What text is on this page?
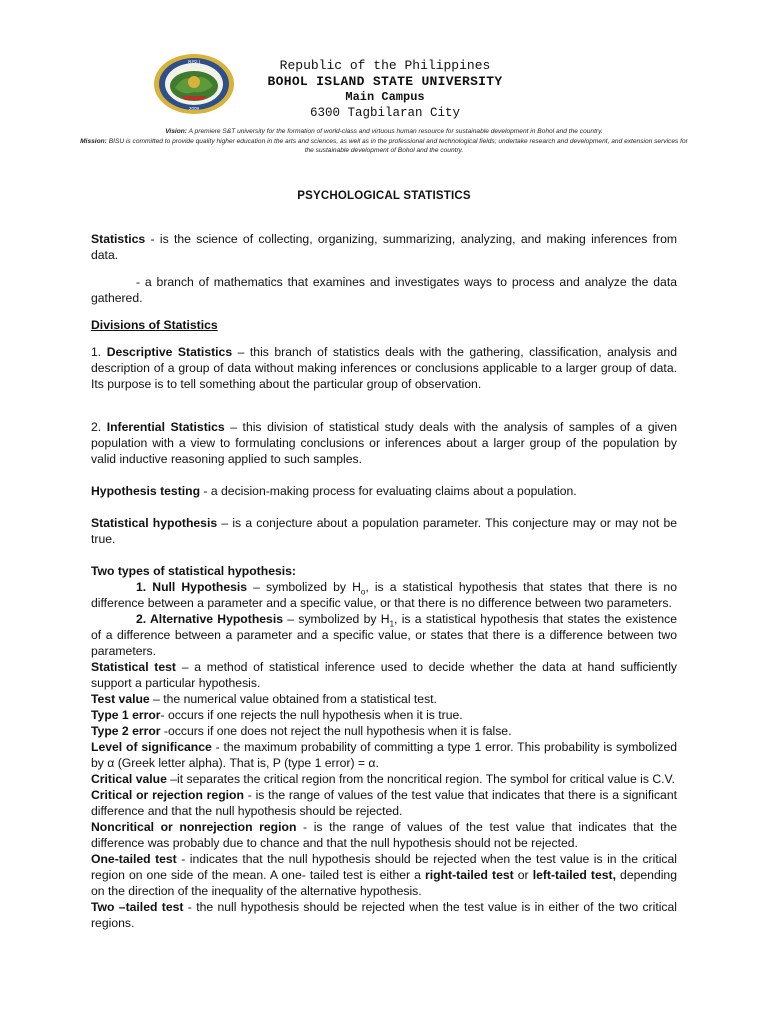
BISU
2009
Republic of the Philippines
BOHOL ISLAND STATE UNIVERSITY
Main Campus
6300 Tagbilaran City
Vision: A premiere S&T university for the formation of world-class and virtuous human resource for sustainable development in Bohol and the country.
Mission: BISU is committed to provide quality higher education in the arts and sciences, as well as in the professional and technological fields; undertake research and development, and extension services for the sustainable development of Bohol and the country.
PSYCHOLOGICAL STATISTICS
Statistics - is the science of collecting, organizing, summarizing, analyzing, and making inferences from data.
- a branch of mathematics that examines and investigates ways to process and analyze the data gathered.
Divisions of Statistics
1. Descriptive Statistics – this branch of statistics deals with the gathering, classification, analysis and description of a group of data without making inferences or conclusions applicable to a larger group of data. Its purpose is to tell something about the particular group of observation.
2. Inferential Statistics – this division of statistical study deals with the analysis of samples of a given population with a view to formulating conclusions or inferences about a larger group of the population by valid inductive reasoning applied to such samples.
Hypothesis testing - a decision-making process for evaluating claims about a population.
Statistical hypothesis – is a conjecture about a population parameter. This conjecture may or may not be true.
Two types of statistical hypothesis:
1. Null Hypothesis – symbolized by $H_o$, is a statistical hypothesis that states that there is no difference between a parameter and a specific value, or that there is no difference between two parameters.
2. Alternative Hypothesis – symbolized by $H_1$, is a statistical hypothesis that states the existence of a difference between a parameter and a specific value, or states that there is a difference between two parameters.
Statistical test – a method of statistical inference used to decide whether the data at hand sufficiently support a particular hypothesis.
Test value – the numerical value obtained from a statistical test.
Type 1 error- occurs if one rejects the null hypothesis when it is true.
Type 2 error -occurs if one does not reject the null hypothesis when it is false.
Level of significance - the maximum probability of committing a type 1 error. This probability is symbolized by α (Greek letter alpha). That is, P (type 1 error) = α.
Critical value –it separates the critical region from the noncritical region. The symbol for critical value is C.V.
Critical or rejection region - is the range of values of the test value that indicates that there is a significant difference and that the null hypothesis should be rejected.
Noncritical or nonrejection region - is the range of values of the test value that indicates that the difference was probably due to chance and that the null hypothesis should not be rejected.
One-tailed test - indicates that the null hypothesis should be rejected when the test value is in the critical region on one side of the mean. A one- tailed test is either a right-tailed test or left-tailed test, depending on the direction of the inequality of the alternative hypothesis.
Two –tailed test - the null hypothesis should be rejected when the test value is in either of the two critical regions.
